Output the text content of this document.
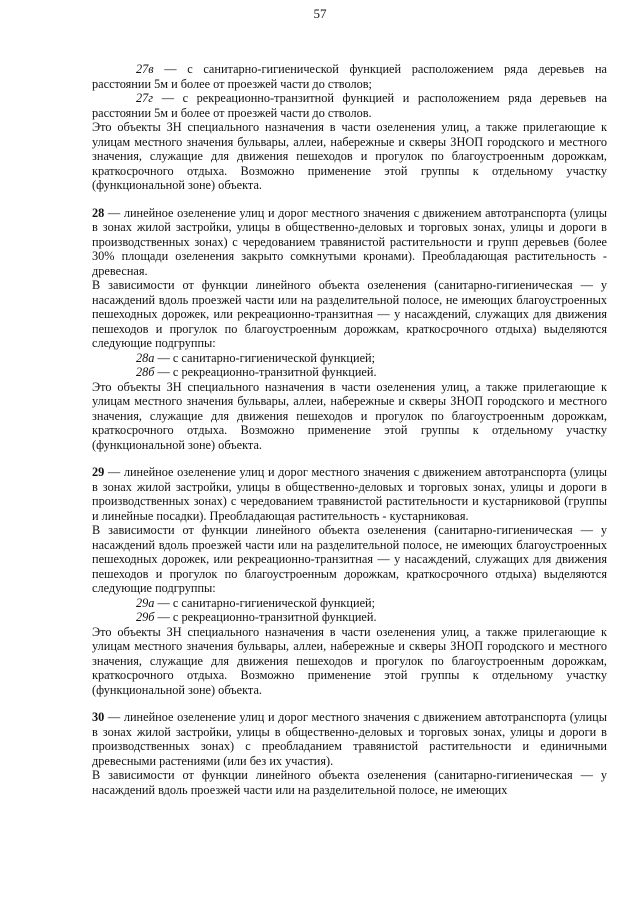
57

27в — с санитарно-гигиенической функцией расположением ряда деревьев на расстоянии 5м и более от проезжей части до стволов;

27г — с рекреационно-транзитной функцией и расположением ряда деревьев на расстоянии 5м и более от проезжей части до стволов.

Это объекты ЗН специального назначения в части озеленения улиц, а также прилегающие к улицам местного значения бульвары, аллеи, набережные и скверы ЗНОП городского и местного значения, служащие для движения пешеходов и прогулок по благоустроенным дорожкам, краткосрочного отдыха. Возможно применение этой группы к отдельному участку (функциональной зоне) объекта.

28 — линейное озеленение улиц и дорог местного значения с движением автотранспорта (улицы в зонах жилой застройки, улицы в общественно-деловых и торговых зонах, улицы и дороги в производственных зонах) с чередованием травянистой растительности и групп деревьев (более 30% площади озеленения закрыто сомкнутыми кронами). Преобладающая растительность - древесная.

В зависимости от функции линейного объекта озеленения (санитарно-гигиеническая — у насаждений вдоль проезжей части или на разделительной полосе, не имеющих благоустроенных пешеходных дорожек, или рекреационно-транзитная — у насаждений, служащих для движения пешеходов и прогулок по благоустроенным дорожкам, краткосрочного отдыха) выделяются следующие подгруппы:

28а — с санитарно-гигиенической функцией;

28б — с рекреационно-транзитной функцией.

Это объекты ЗН специального назначения в части озеленения улиц, а также прилегающие к улицам местного значения бульвары, аллеи, набережные и скверы ЗНОП городского и местного значения, служащие для движения пешеходов и прогулок по благоустроенным дорожкам, краткосрочного отдыха. Возможно применение этой группы к отдельному участку (функциональной зоне) объекта.

29 — линейное озеленение улиц и дорог местного значения с движением автотранспорта (улицы в зонах жилой застройки, улицы в общественно-деловых и торговых зонах, улицы и дороги в производственных зонах) с чередованием травянистой растительности и кустарниковой (группы и линейные посадки). Преобладающая растительность - кустарниковая.

В зависимости от функции линейного объекта озеленения (санитарно-гигиеническая — у насаждений вдоль проезжей части или на разделительной полосе, не имеющих благоустроенных пешеходных дорожек, или рекреационно-транзитная — у насаждений, служащих для движения пешеходов и прогулок по благоустроенным дорожкам, краткосрочного отдыха) выделяются следующие подгруппы:

29а — с санитарно-гигиенической функцией;

29б — с рекреационно-транзитной функцией.

Это объекты ЗН специального назначения в части озеленения улиц, а также прилегающие к улицам местного значения бульвары, аллеи, набережные и скверы ЗНОП городского и местного значения, служащие для движения пешеходов и прогулок по благоустроенным дорожкам, краткосрочного отдыха. Возможно применение этой группы к отдельному участку (функциональной зоне) объекта.

30 — линейное озеленение улиц и дорог местного значения с движением автотранспорта (улицы в зонах жилой застройки, улицы в общественно-деловых и торговых зонах, улицы и дороги в производственных зонах) с преобладанием травянистой растительности и единичными древесными растениями (или без их участия).

В зависимости от функции линейного объекта озеленения (санитарно-гигиеническая — у насаждений вдоль проезжей части или на разделительной полосе, не имеющих
